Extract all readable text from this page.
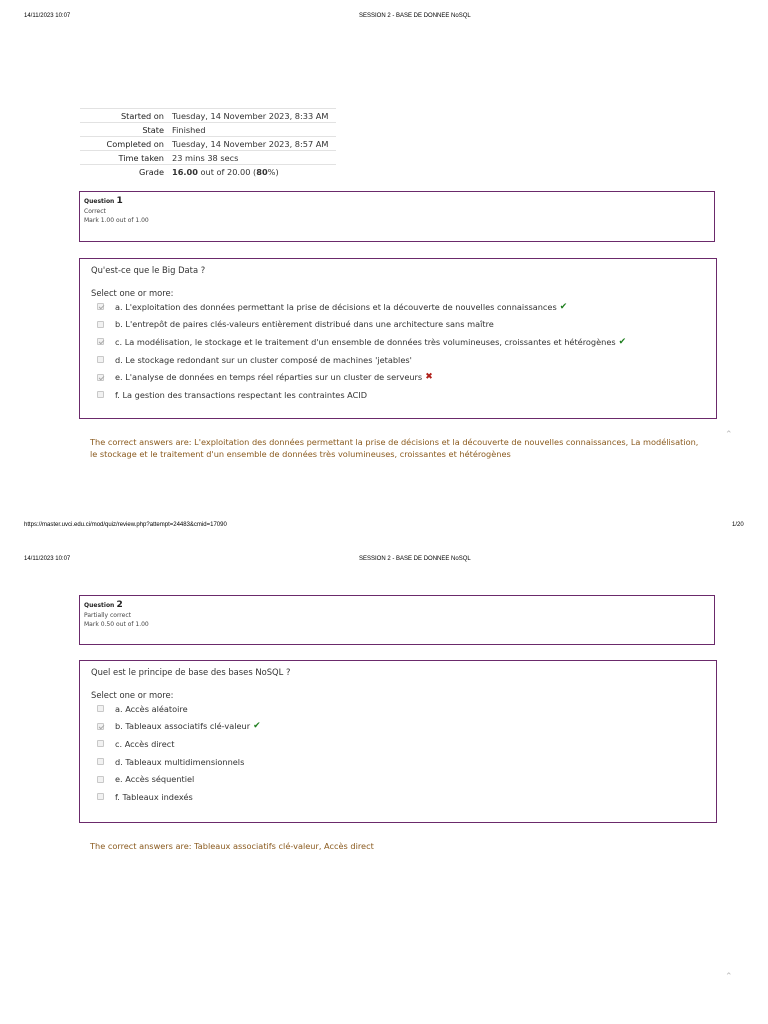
14/11/2023 10:07	SESSION 2 - BASE DE DONNEE NoSQL
Started on	Tuesday, 14 November 2023, 8:33 AM
State	Finished
Completed on	Tuesday, 14 November 2023, 8:57 AM
Time taken	23 mins 38 secs
Grade	16.00 out of 20.00 (80%)
Question 1
Correct
Mark 1.00 out of 1.00
Qu'est-ce que le Big Data ?
Select one or more:
a. L'exploitation des données permettant la prise de décisions et la découverte de nouvelles connaissances ✔
b. L'entrepôt de paires clés-valeurs entièrement distribué dans une architecture sans maître
c. La modélisation, le stockage et le traitement d'un ensemble de données très volumineuses, croissantes et hétérogènes ✔
d. Le stockage redondant sur un cluster composé de machines 'jetables'
e. L'analyse de données en temps réel réparties sur un cluster de serveurs ✖
f. La gestion des transactions respectant les contraintes ACID
The correct answers are: L'exploitation des données permettant la prise de décisions et la découverte de nouvelles connaissances, La modélisation,
le stockage et le traitement d'un ensemble de données très volumineuses, croissantes et hétérogènes
⌃
https://master.uvci.edu.ci/mod/quiz/review.php?attempt=24483&cmid=17090	1/20
14/11/2023 10:07	SESSION 2 - BASE DE DONNEE NoSQL
Question 2
Partially correct
Mark 0.50 out of 1.00
Quel est le principe de base des bases NoSQL ?
Select one or more:
a. Accès aléatoire
b. Tableaux associatifs clé-valeur ✔
c. Accès direct
d. Tableaux multidimensionnels
e. Accès séquentiel
f. Tableaux indexés
The correct answers are: Tableaux associatifs clé-valeur, Accès direct
⌃
